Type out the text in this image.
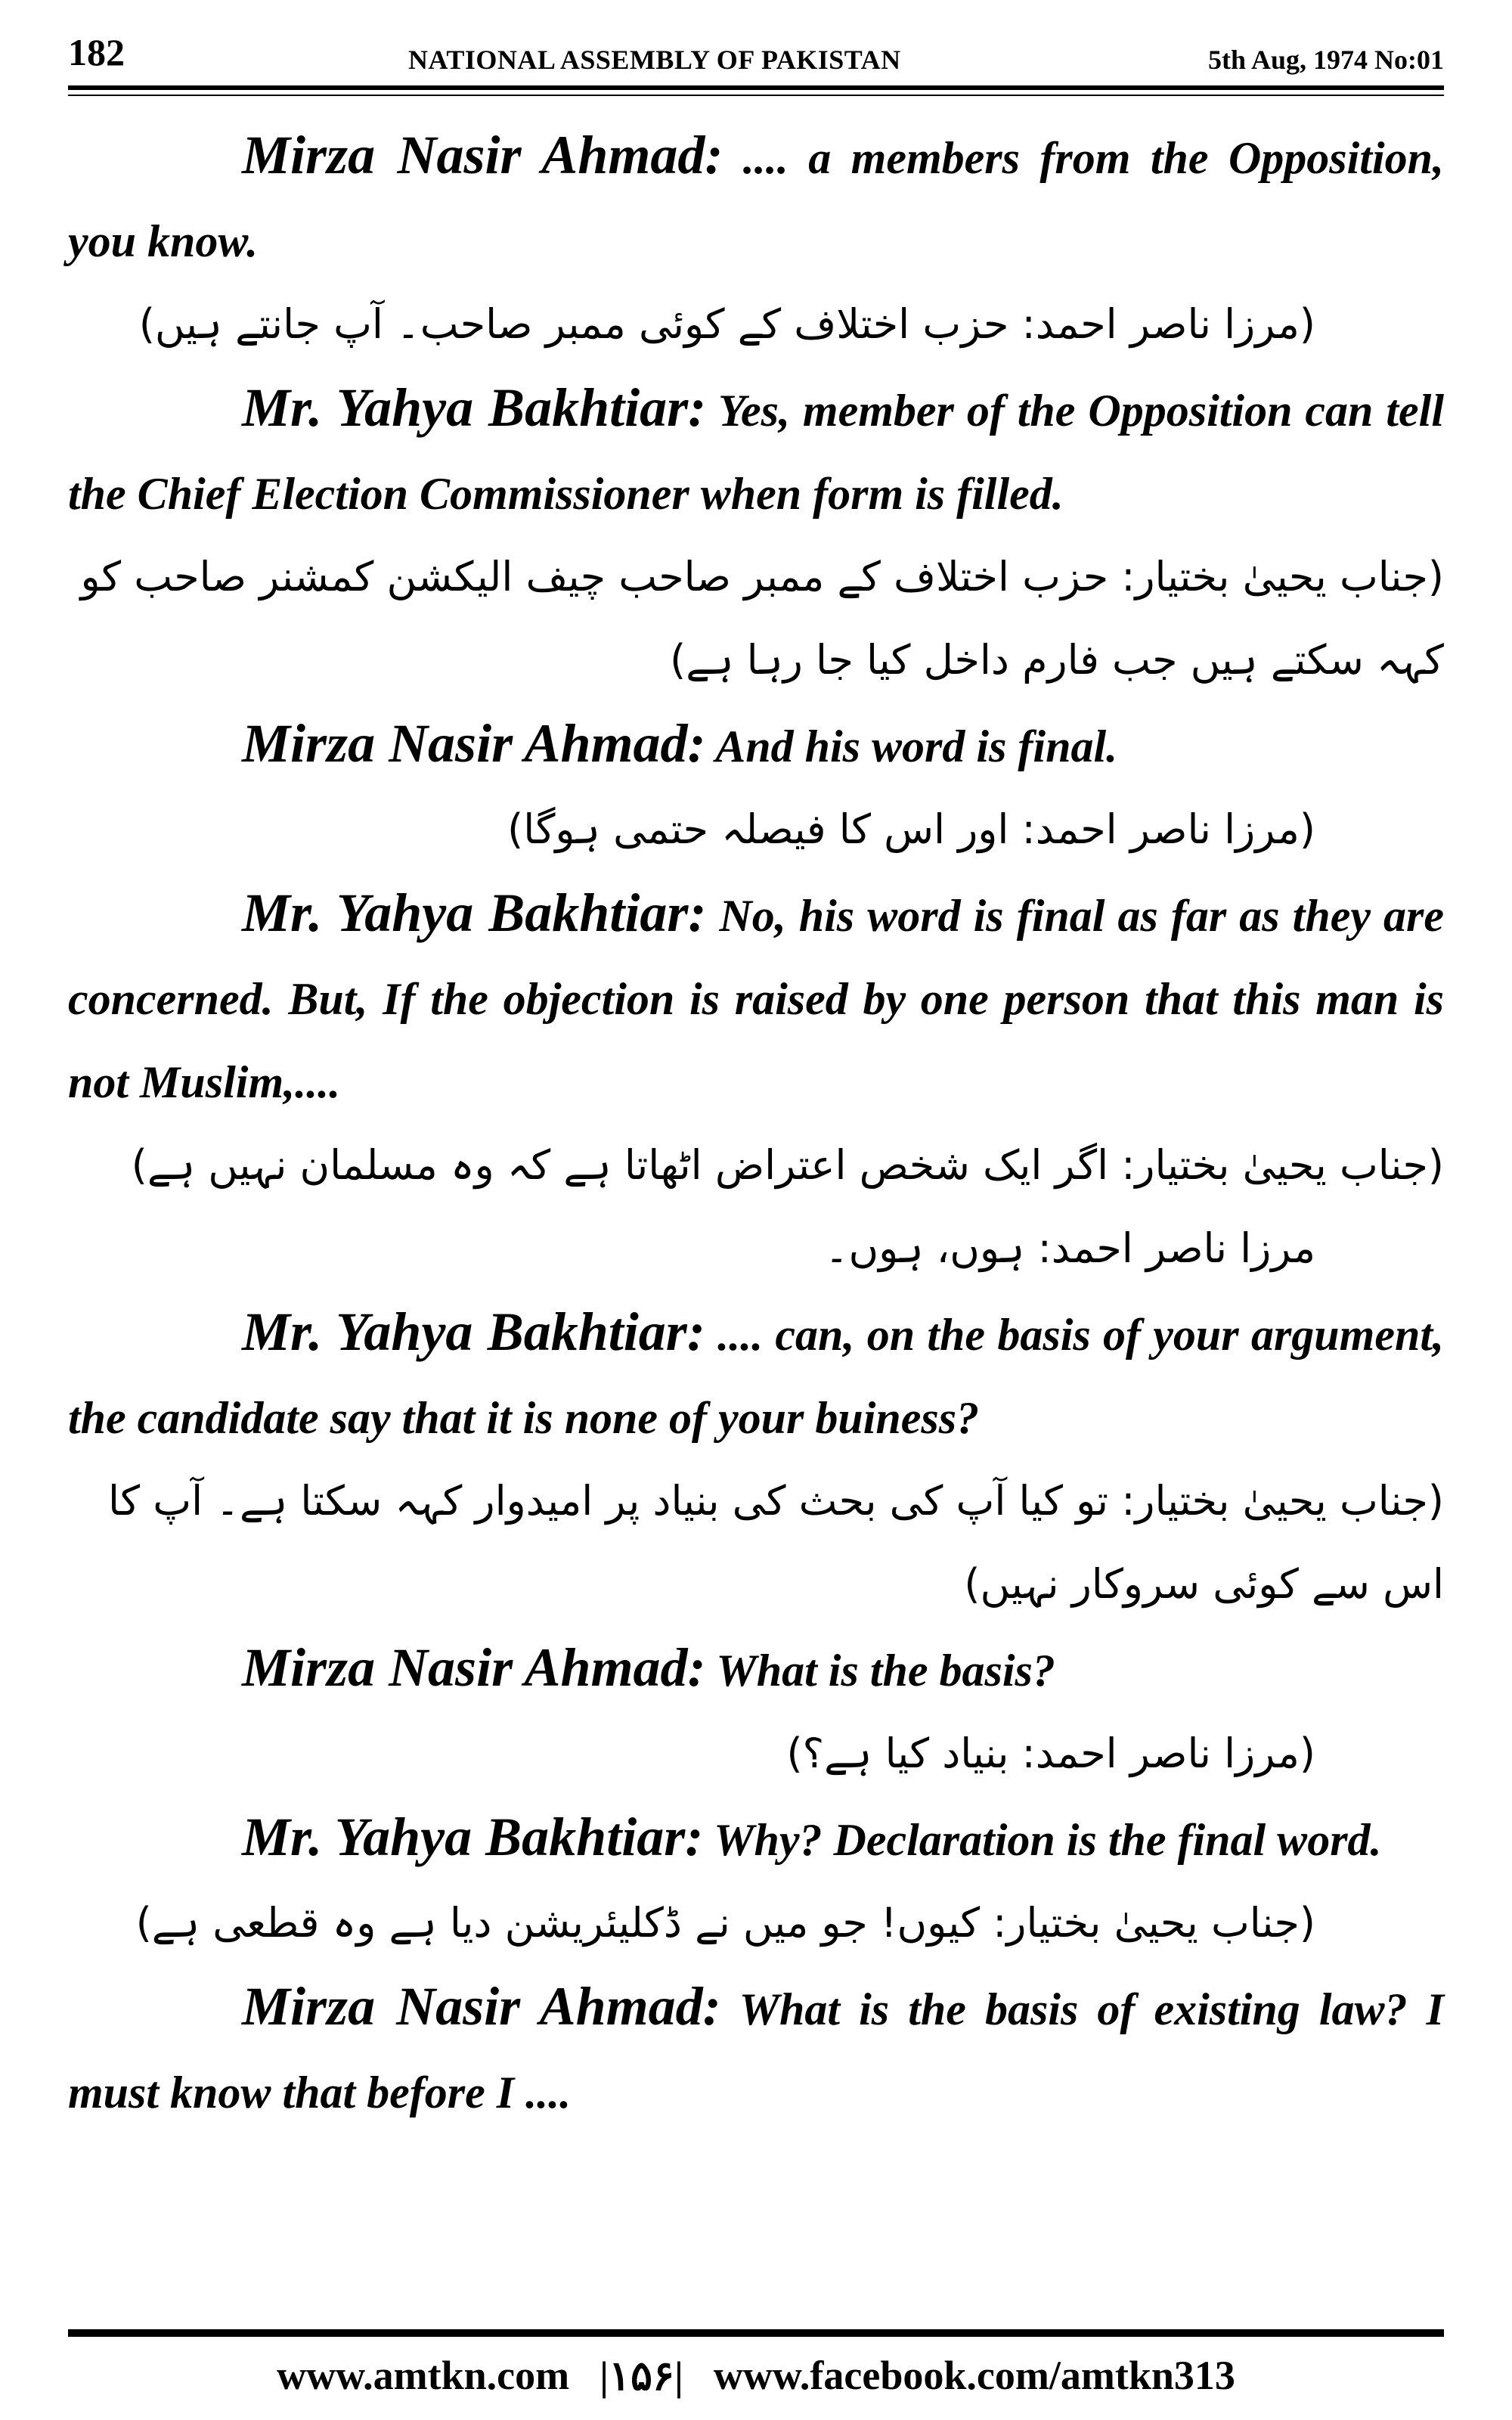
182	NATIONAL ASSEMBLY OF PAKISTAN	5th Aug, 1974 No:01

Mirza Nasir Ahmad: .... a members from the Opposition, you know.

(مرزا ناصر احمد: حزب اختلاف کے کوئی ممبر صاحب۔ آپ جانتے ہیں)

Mr. Yahya Bakhtiar: Yes, member of the Opposition can tell the Chief Election Commissioner when form is filled.

(جناب یحییٰ بختیار: حزب اختلاف کے ممبر صاحب چیف الیکشن کمشنر صاحب کو کہہ سکتے ہیں جب فارم داخل کیا جا رہا ہے)

Mirza Nasir Ahmad: And his word is final.

(مرزا ناصر احمد: اور اس کا فیصلہ حتمی ہوگا)

Mr. Yahya Bakhtiar: No, his word is final as far as they are concerned. But, If the objection is raised by one person that this man is not Muslim,....

(جناب یحییٰ بختیار: اگر ایک شخص اعتراض اٹھاتا ہے کہ وہ مسلمان نہیں ہے)

مرزا ناصر احمد: ہوں، ہوں۔

Mr. Yahya Bakhtiar: .... can, on the basis of your argument, the candidate say that it is none of your buiness?

(جناب یحییٰ بختیار: تو کیا آپ کی بحث کی بنیاد پر امیدوار کہہ سکتا ہے۔ آپ کا اس سے کوئی سروکار نہیں)

Mirza Nasir Ahmad: What is the basis?

(مرزا ناصر احمد: بنیاد کیا ہے؟)

Mr. Yahya Bakhtiar: Why? Declaration is the final word.

(جناب یحییٰ بختیار: کیوں! جو میں نے ڈکلیئریشن دیا ہے وہ قطعی ہے)

Mirza Nasir Ahmad: What is the basis of existing law? I must know that before I ....

www.amtkn.com |۱۵۶| www.facebook.com/amtkn313
